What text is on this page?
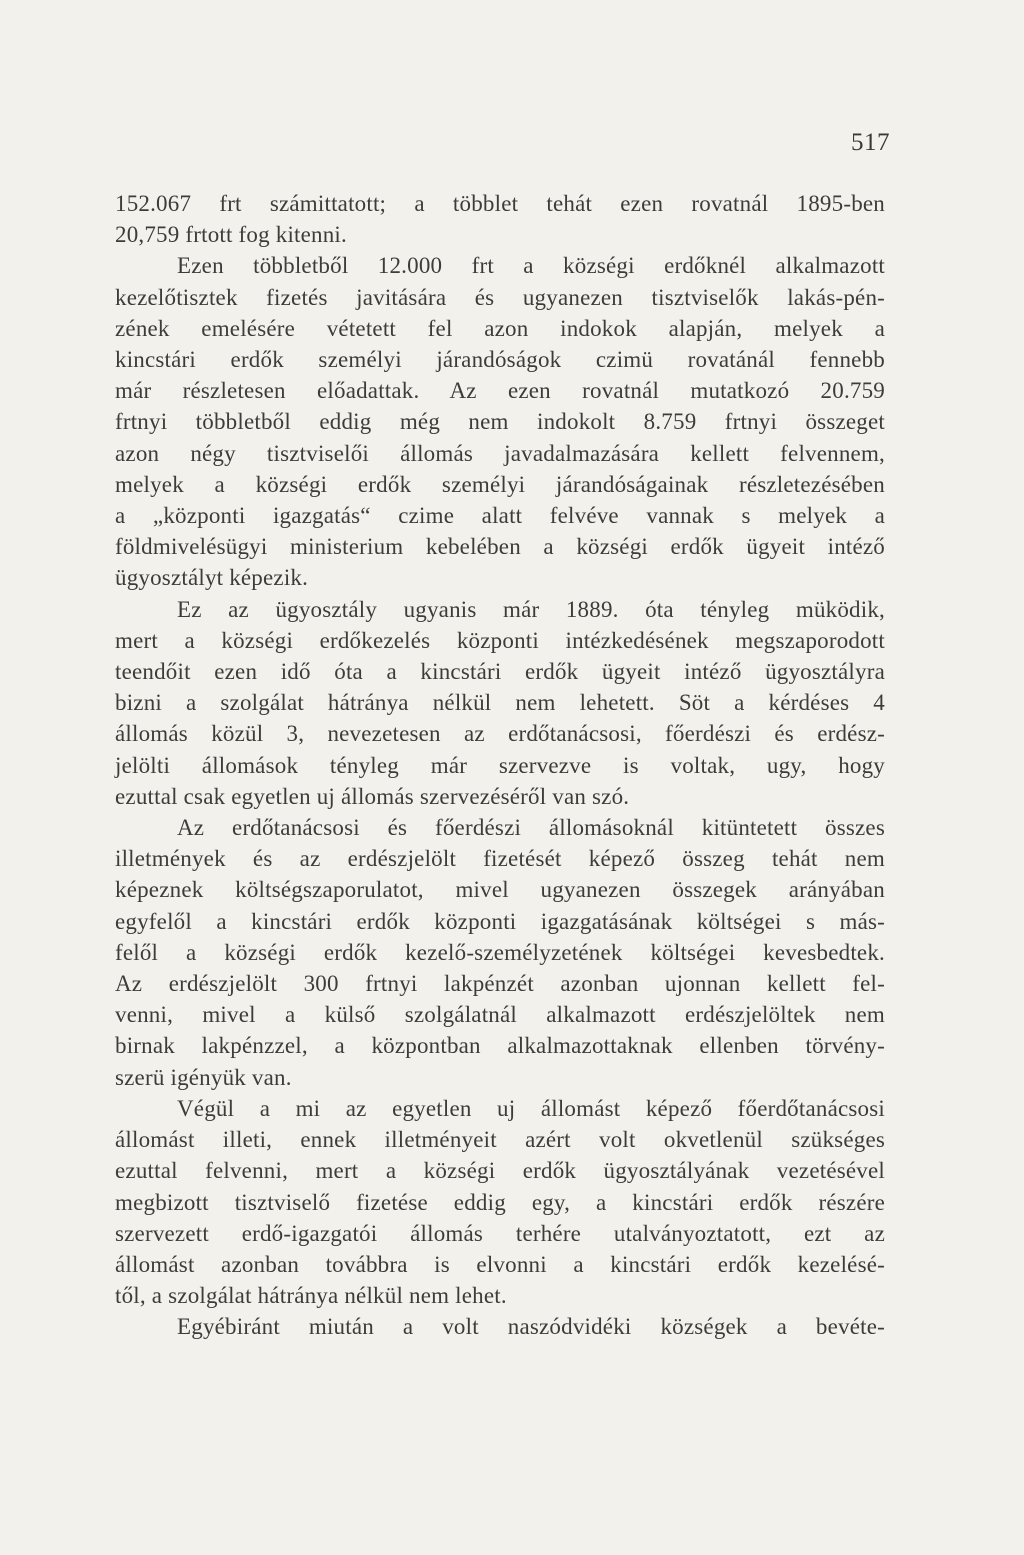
517
152.067 frt számittatott; a többlet tehát ezen rovatnál 1895-ben
20,759 frtott fog kitenni.
Ezen többletből 12.000 frt a községi erdőknél alkalmazott
kezelőtisztek fizetés javitására és ugyanezen tisztviselők lakás-pén-
zének emelésére vétetett fel azon indokok alapján, melyek a
kincstári erdők személyi járandóságok czimü rovatánál fennebb
már részletesen előadattak. Az ezen rovatnál mutatkozó 20.759
frtnyi többletből eddig még nem indokolt 8.759 frtnyi összeget
azon négy tisztviselői állomás javadalmazására kellett felvennem,
melyek a községi erdők személyi járandóságainak részletezésében
a „központi igazgatás“ czime alatt felvéve vannak s melyek a
földmivelésügyi ministerium kebelében a községi erdők ügyeit intéző
ügyosztályt képezik.
Ez az ügyosztály ugyanis már 1889. óta tényleg müködik,
mert a községi erdőkezelés központi intézkedésének megszaporodott
teendőit ezen idő óta a kincstári erdők ügyeit intéző ügyosztályra
bizni a szolgálat hátránya nélkül nem lehetett. Söt a kérdéses 4
állomás közül 3, nevezetesen az erdőtanácsosi, főerdészi és erdész-
jelölti állomások tényleg már szervezve is voltak, ugy, hogy
ezuttal csak egyetlen uj állomás szervezéséről van szó.
Az erdőtanácsosi és főerdészi állomásoknál kitüntetett összes
illetmények és az erdészjelölt fizetését képező összeg tehát nem
képeznek költségszaporulatot, mivel ugyanezen összegek arányában
egyfelől a kincstári erdők központi igazgatásának költségei s más-
felől a községi erdők kezelő-személyzetének költségei kevesbedtek.
Az erdészjelölt 300 frtnyi lakpénzét azonban ujonnan kellett fel-
venni, mivel a külső szolgálatnál alkalmazott erdészjelöltek nem
birnak lakpénzzel, a központban alkalmazottaknak ellenben törvény-
szerü igényük van.
Végül a mi az egyetlen uj állomást képező főerdőtanácsosi
állomást illeti, ennek illetményeit azért volt okvetlenül szükséges
ezuttal felvenni, mert a községi erdők ügyosztályának vezetésével
megbizott tisztviselő fizetése eddig egy, a kincstári erdők részére
szervezett erdő-igazgatói állomás terhére utalványoztatott, ezt az
állomást azonban továbbra is elvonni a kincstári erdők kezelésé-
től, a szolgálat hátránya nélkül nem lehet.
Egyébiránt miután a volt naszódvidéki községek a bevéte-
